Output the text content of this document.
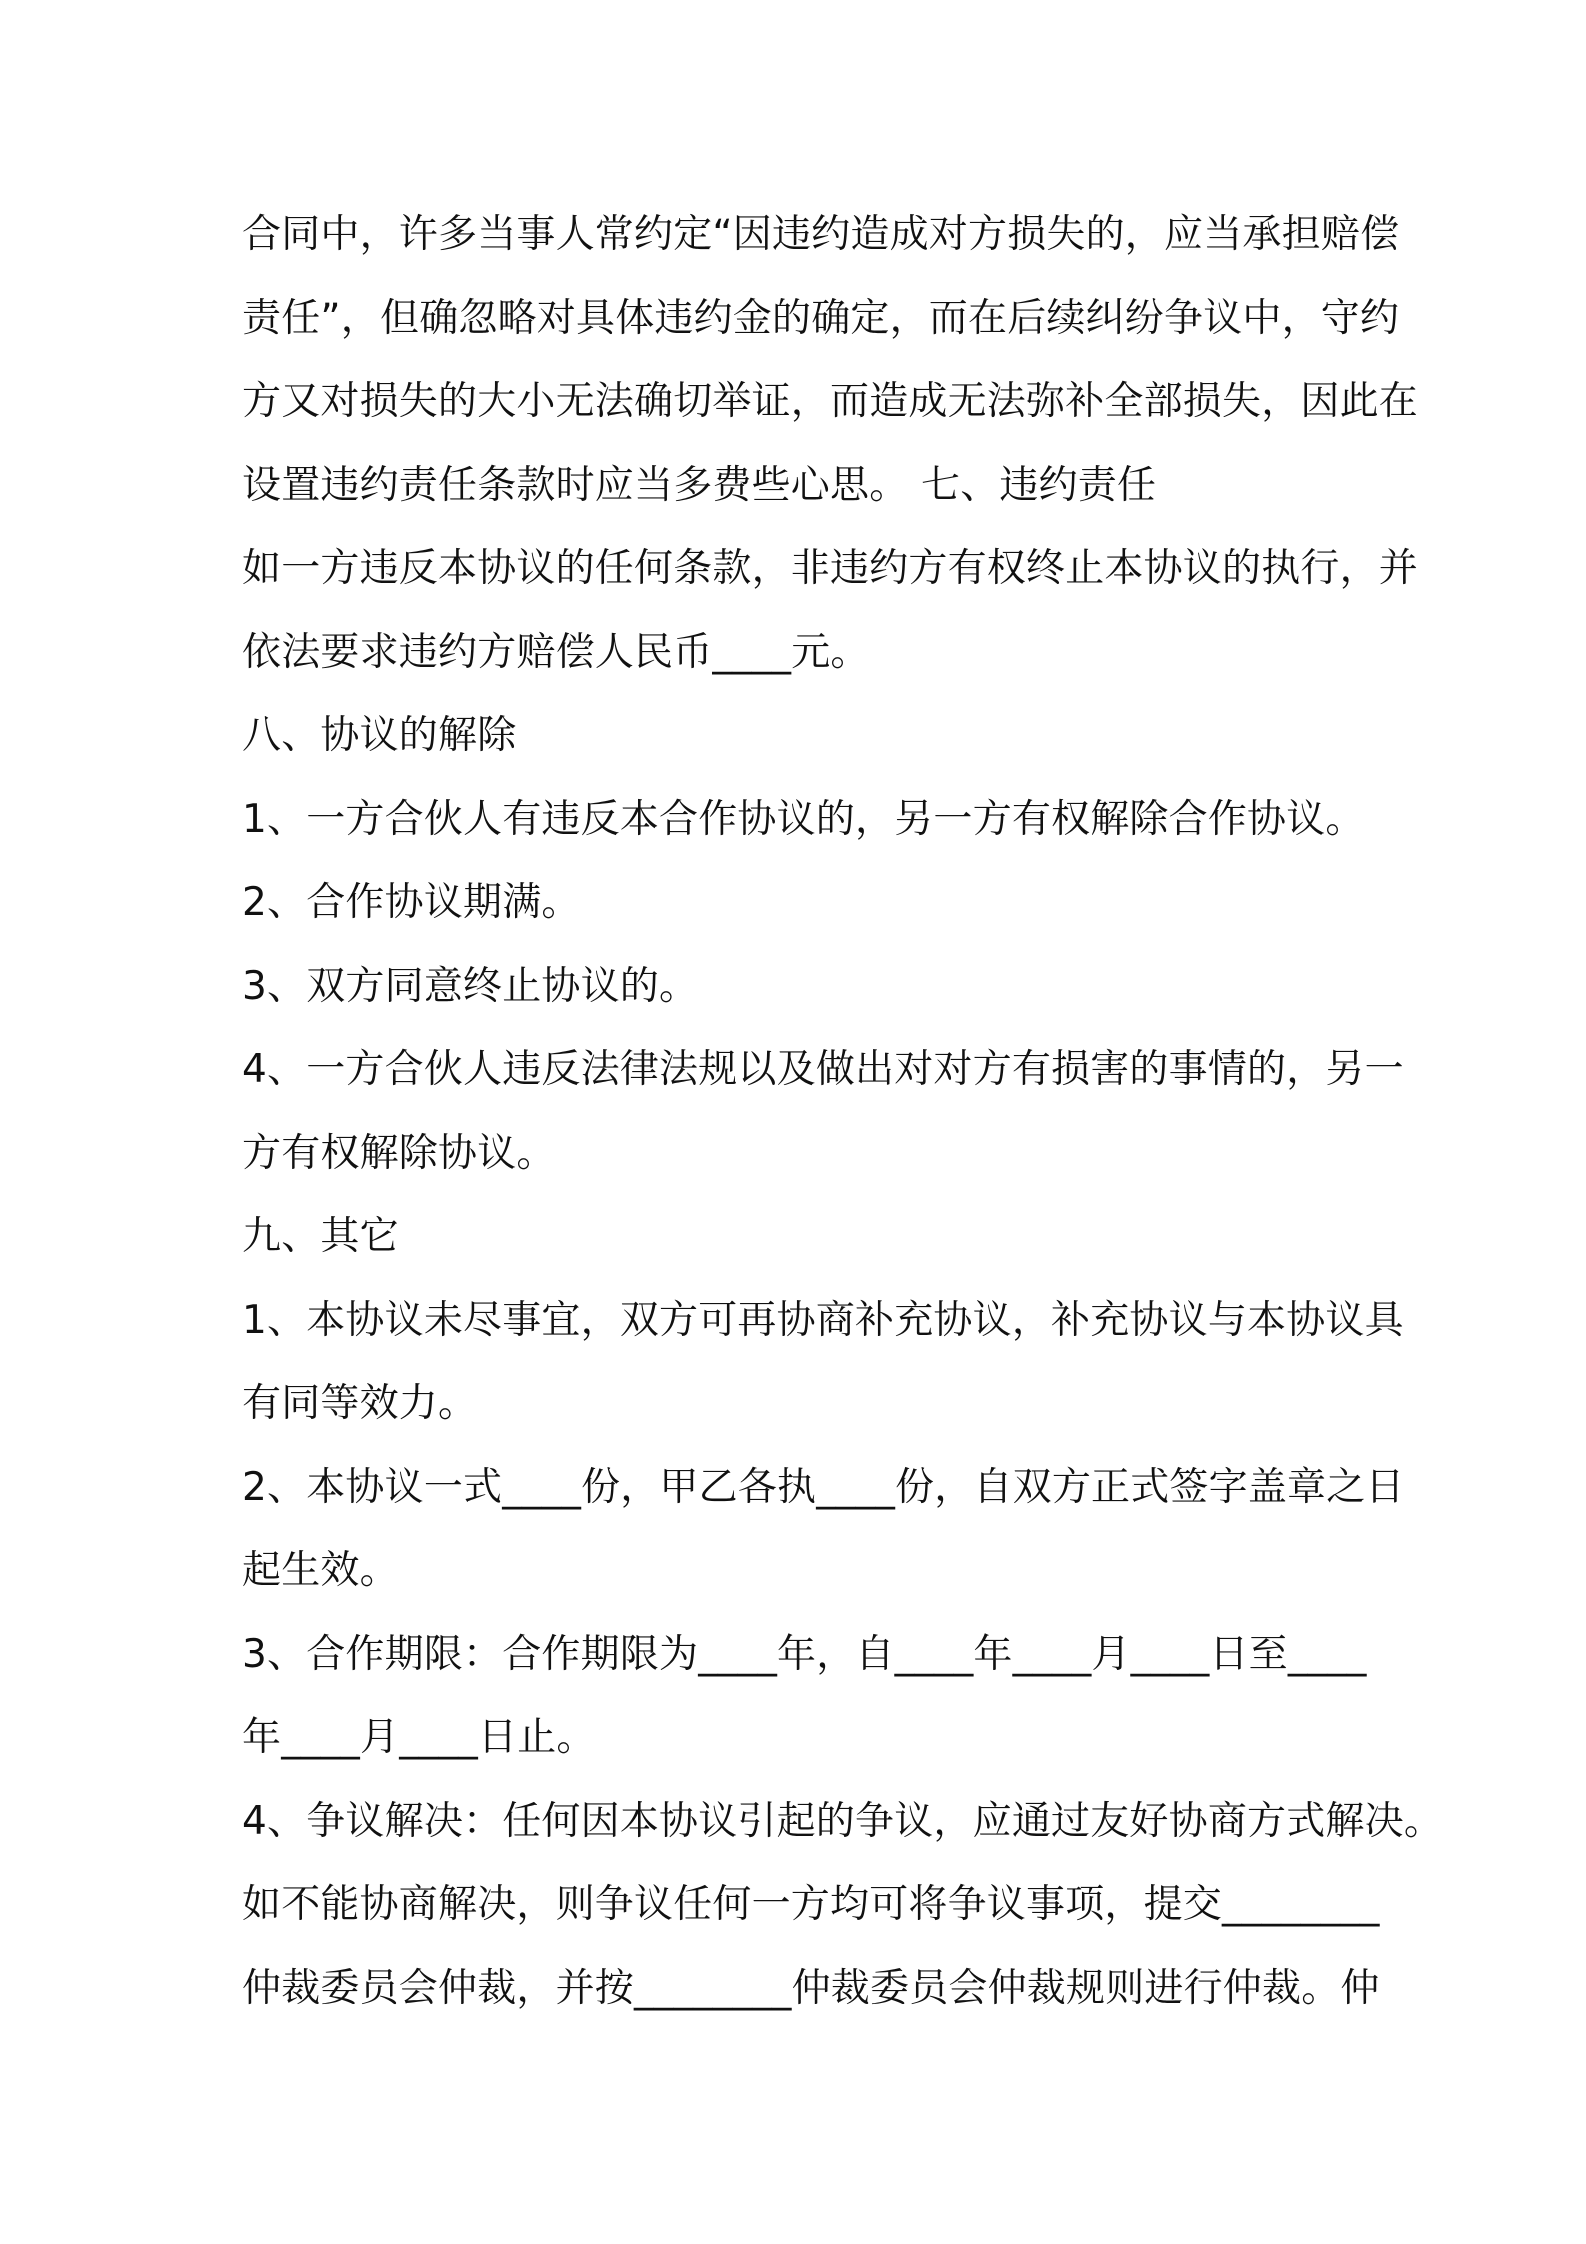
合同中，许多当事人常约定“因违约造成对方损失的，应当承担赔偿
责任”，但确忽略对具体违约金的确定，而在后续纠纷争议中，守约
方又对损失的大小无法确切举证，而造成无法弥补全部损失，因此在
设置违约责任条款时应当多费些心思。 七、违约责任
如一方违反本协议的任何条款，非违约方有权终止本协议的执行，并
依法要求违约方赔偿人民币____元。
八、协议的解除
1、一方合伙人有违反本合作协议的，另一方有权解除合作协议。
2、合作协议期满。
3、双方同意终止协议的。
4、一方合伙人违反法律法规以及做出对对方有损害的事情的，另一
方有权解除协议。
九、其它
1、本协议未尽事宜，双方可再协商补充协议，补充协议与本协议具
有同等效力。
2、本协议一式____份，甲乙各执____份，自双方正式签字盖章之日
起生效。
3、合作期限：合作期限为____年，自____年____月____日至____
年____月____日止。
4、争议解决：任何因本协议引起的争议，应通过友好协商方式解决。
如不能协商解决，则争议任何一方均可将争议事项，提交________
仲裁委员会仲裁，并按________仲裁委员会仲裁规则进行仲裁。仲
